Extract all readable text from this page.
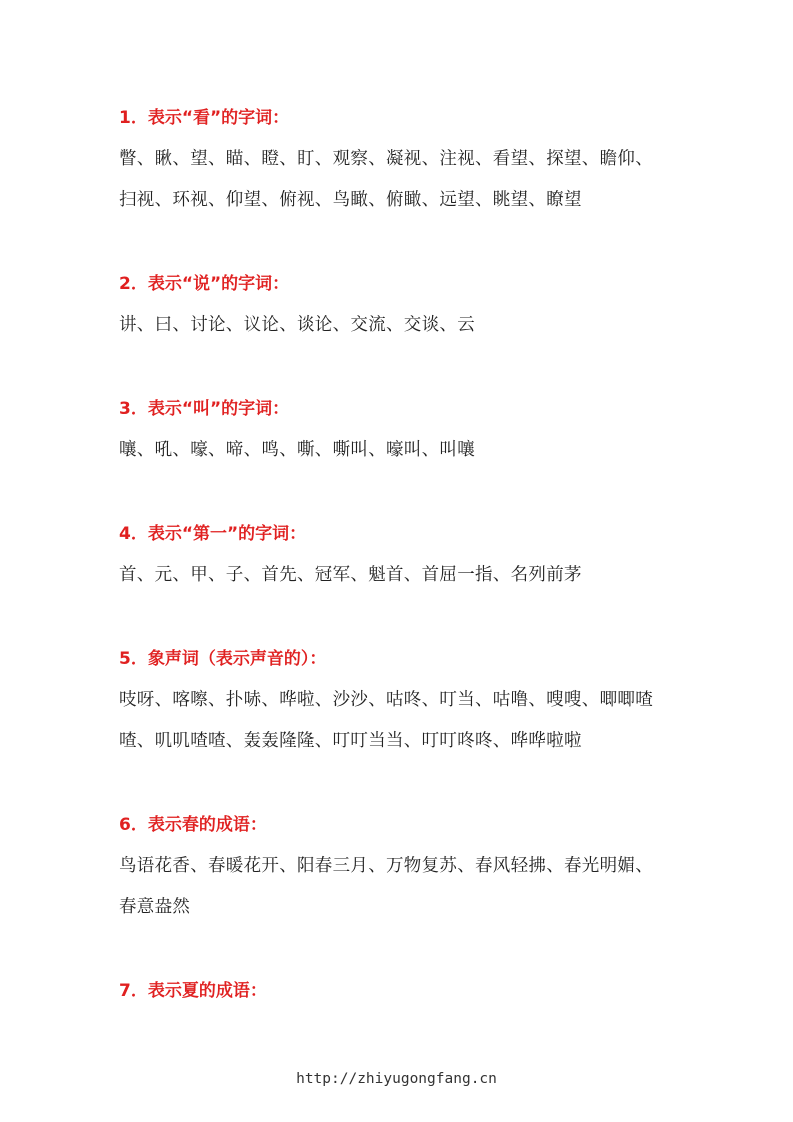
1．表示“看”的字词：
瞥、瞅、望、瞄、瞪、盯、观察、凝视、注视、看望、探望、瞻仰、
扫视、环视、仰望、俯视、鸟瞰、俯瞰、远望、眺望、瞭望
2．表示“说”的字词：
讲、曰、讨论、议论、谈论、交流、交谈、云
3．表示“叫”的字词：
嚷、吼、嚎、啼、鸣、嘶、嘶叫、嚎叫、叫嚷
4．表示“第一”的字词：
首、元、甲、子、首先、冠军、魁首、首屈一指、名列前茅
5．象声词（表示声音的）：
吱呀、喀嚓、扑哧、哗啦、沙沙、咕咚、叮当、咕噜、嗖嗖、唧唧喳
喳、叽叽喳喳、轰轰隆隆、叮叮当当、叮叮咚咚、哗哗啦啦
6．表示春的成语：
鸟语花香、春暖花开、阳春三月、万物复苏、春风轻拂、春光明媚、
春意盎然
7．表示夏的成语：
http://zhiyugongfang.cn
